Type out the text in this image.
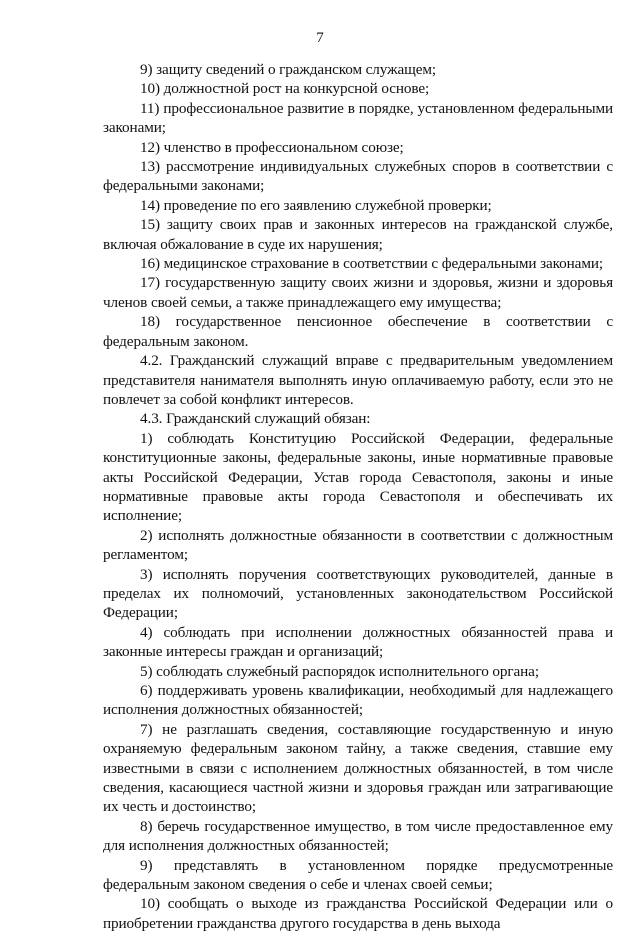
7

9) защиту сведений о гражданском служащем;

10) должностной рост на конкурсной основе;

11) профессиональное развитие в порядке, установленном федеральными законами;

12) членство в профессиональном союзе;

13) рассмотрение индивидуальных служебных споров в соответствии с федеральными законами;

14) проведение по его заявлению служебной проверки;

15) защиту своих прав и законных интересов на гражданской службе, включая обжалование в суде их нарушения;

16) медицинское страхование в соответствии с федеральными законами;

17) государственную защиту своих жизни и здоровья, жизни и здоровья членов своей семьи, а также принадлежащего ему имущества;

18) государственное пенсионное обеспечение в соответствии с федеральным законом.

4.2. Гражданский служащий вправе с предварительным уведомлением представителя нанимателя выполнять иную оплачиваемую работу, если это не повлечет за собой конфликт интересов.

4.3. Гражданский служащий обязан:

1) соблюдать Конституцию Российской Федерации, федеральные конституционные законы, федеральные законы, иные нормативные правовые акты Российской Федерации, Устав города Севастополя, законы и иные нормативные правовые акты города Севастополя и обеспечивать их исполнение;

2) исполнять должностные обязанности в соответствии с должностным регламентом;

3) исполнять поручения соответствующих руководителей, данные в пределах их полномочий, установленных законодательством Российской Федерации;

4) соблюдать при исполнении должностных обязанностей права и законные интересы граждан и организаций;

5) соблюдать служебный распорядок исполнительного органа;

6) поддерживать уровень квалификации, необходимый для надлежащего исполнения должностных обязанностей;

7) не разглашать сведения, составляющие государственную и иную охраняемую федеральным законом тайну, а также сведения, ставшие ему известными в связи с исполнением должностных обязанностей, в том числе сведения, касающиеся частной жизни и здоровья граждан или затрагивающие их честь и достоинство;

8) беречь государственное имущество, в том числе предоставленное ему для исполнения должностных обязанностей;

9) представлять в установленном порядке предусмотренные федеральным законом сведения о себе и членах своей семьи;

10) сообщать о выходе из гражданства Российской Федерации или о приобретении гражданства другого государства в день выхода
